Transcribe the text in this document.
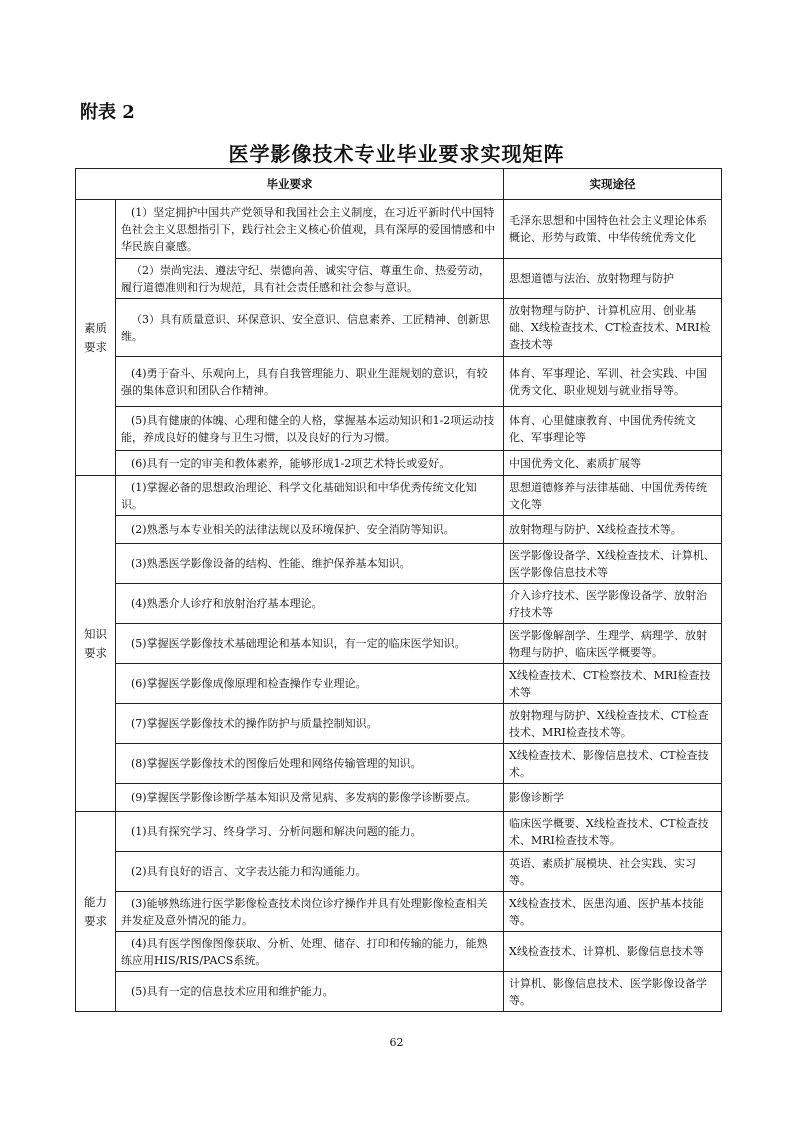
附表 2
医学影像技术专业毕业要求实现矩阵
毕业要求		实现途径

素质
要求	(1）坚定拥护中国共产党领导和我国社会主义制度，在习近平新时代中国特色社会主义思想指引下，践行社会主义核心价值观，具有深厚的爱国情感和中华民族自豪感。	毛泽东思想和中国特色社会主义理论体系概论、形势与政策、中华传统优秀文化
	（2）崇尚宪法、遵法守纪、崇德向善、诚实守信、尊重生命、热爱劳动，履行道德准则和行为规范，具有社会责任感和社会参与意识。	思想道德与法治、放射物理与防护
	（3）具有质量意识、环保意识、安全意识、信息素养、工匠精神、创新思维。	放射物理与防护、计算机应用、创业基础、X线检查技术、CT检查技术、MRI检查技术等
	(4)勇于奋斗、乐观向上，具有自我管理能力、职业生涯规划的意识，有较强的集体意识和团队合作精神。	体育、军事理论、军训、社会实践、中国优秀文化、职业规划与就业指导等。
	(5)具有健康的体魄、心理和健全的人格，掌握基本运动知识和1-2项运动技能，养成良好的健身与卫生习惯，以及良好的行为习惯。	体育、心里健康教育、中国优秀传统文化、军事理论等
	(6)具有一定的审美和教体素养，能够形成1-2项艺术特长或爱好。	中国优秀文化、素质扩展等

知识
要求	(1)掌握必备的思想政治理论、科学文化基础知识和中华优秀传统文化知识。	思想道德修养与法律基础、中国优秀传统文化等
	(2)熟悉与本专业相关的法律法规以及环境保护、安全消防等知识。	放射物理与防护、X线检查技术等。
	(3)熟悉医学影像设备的结构、性能、维护保养基本知识。	医学影像设备学、X线检查技术、计算机、医学影像信息技术等
	(4)熟悉介人诊疗和放射治疗基本理论。	介入诊疗技术、医学影像设备学、放射治疗技术等
	(5)掌握医学影像技术基础理论和基本知识，有一定的临床医学知识。	医学影像解剖学、生理学、病理学、放射物理与防护、临床医学概要等。
	(6)掌握医学影像成像原理和检查操作专业理论。	X线检查技术、CT检察技术、MRI检查技术等
	(7)掌握医学影像技术的操作防护与质量控制知识。	放射物理与防护、X线检查技术、CT检查技术、MRI检查技术等。
	(8)掌握医学影像技术的图像后处理和网络传输管理的知识。	X线检查技术、影像信息技术、CT检查技术。
	(9)掌握医学影像诊断学基本知识及常见病、多发病的影像学诊断要点。	影像诊断学

能力
要求	(1)具有探究学习、终身学习、分析问题和解决问题的能力。	临床医学概要、X线检查技术、CT检查技术、MRI检查技术等。
	(2)具有良好的语言、文字表达能力和沟通能力。	英语、素质扩展模块、社会实践、实习等。
	(3)能够熟练进行医学影像检查技术岗位诊疗操作并具有处理影像检查相关并发症及意外情况的能力。	X线检查技术、医患沟通、医护基本技能等。
	(4)具有医学图像图像获取、分析、处理、储存、打印和传输的能力，能熟练应用HIS/RIS/PACS系统。	X线检查技术、计算机、影像信息技术等
	(5)具有一定的信息技术应用和维护能力。	计算机、影像信息技术、医学影像设备学等。
62
